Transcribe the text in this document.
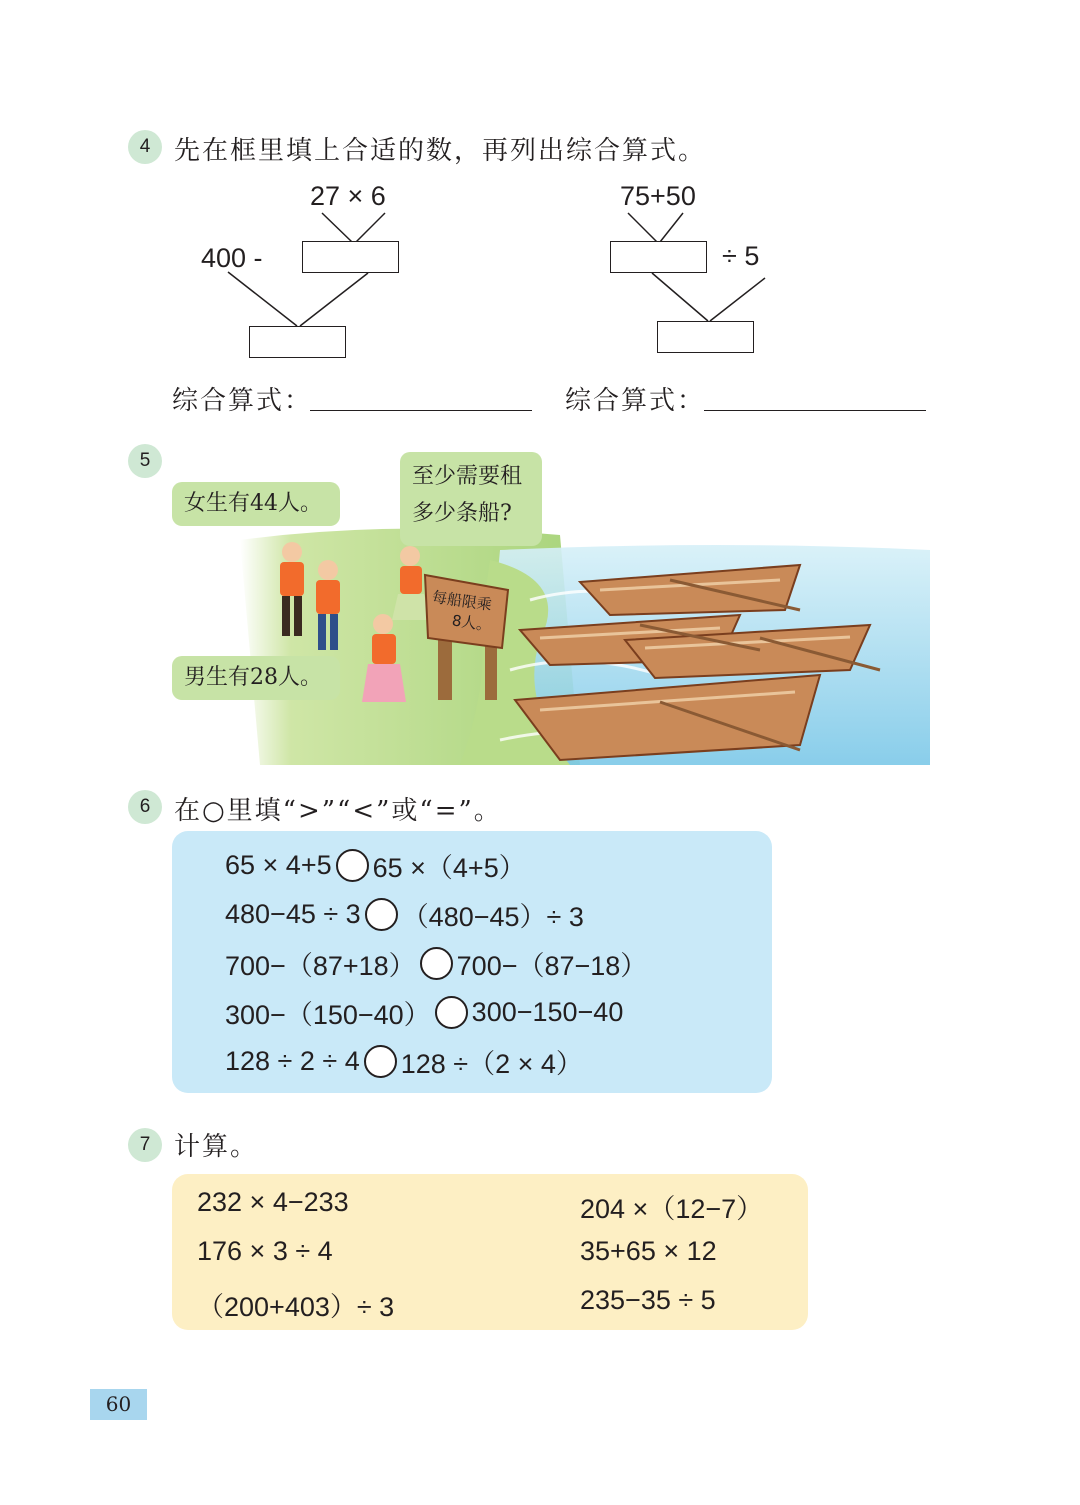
4 先在框里填上合适的数，再列出综合算式。
27 × 6
400 -
75+50
÷ 5
综合算式：	综合算式：
5
每船限乘
8人。
女生有44人。
至少需要租
多少条船?
男生有28人。
6 在○里填“>”“<”或“=”。
65 × 4+5 65 ×（4+5）
480−45 ÷ 3 （480−45）÷ 3
700−（87+18） 700−（87−18）
300−（150−40） 300−150−40
128 ÷ 2 ÷ 4 128 ÷（2 × 4）
7 计算。
232 × 4−233
176 × 3 ÷ 4
（200+403）÷ 3
204 ×（12−7）
35+65 × 12
235−35 ÷ 5
60
